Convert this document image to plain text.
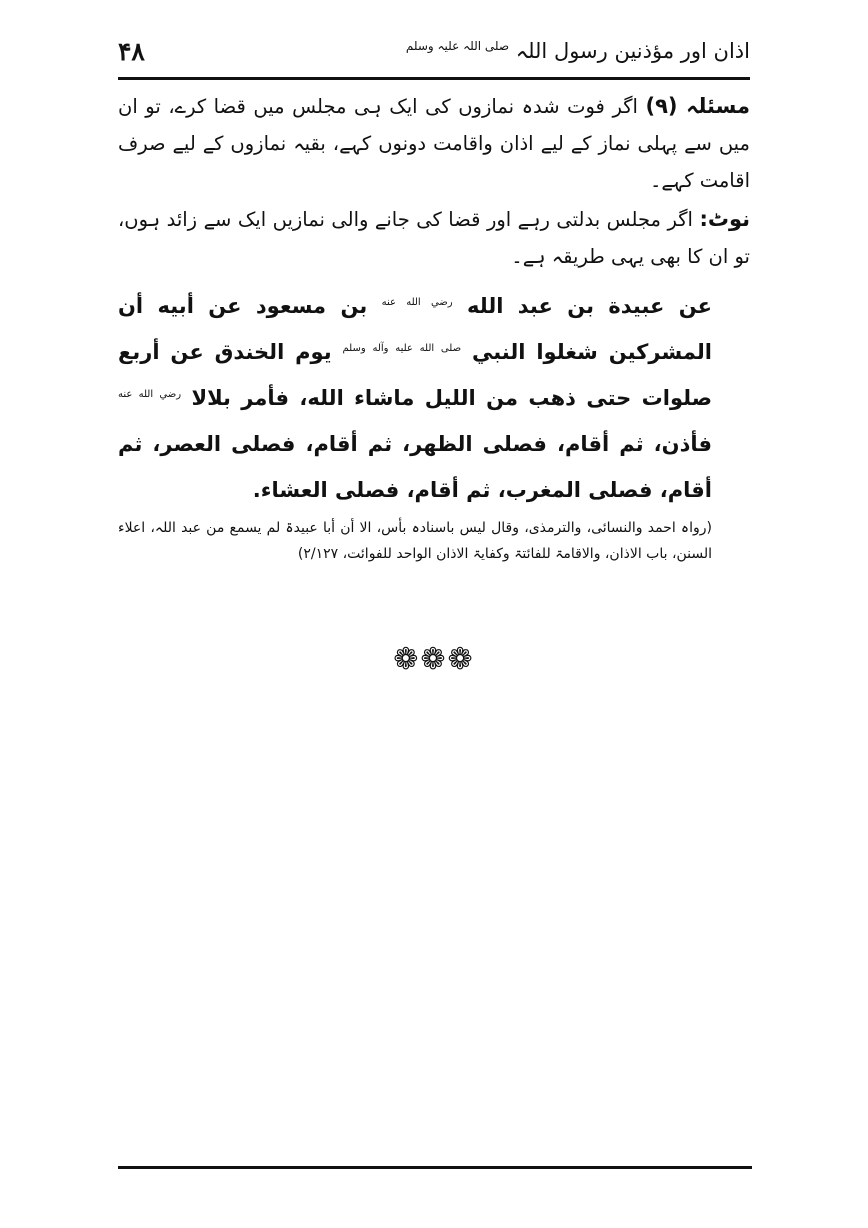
۴۸	اذان اور مؤذنین رسول اللہ $^{صلی اللہ علیہ وسلم}$

مسئلہ (۹) اگر فوت شدہ نمازوں کی ایک ہی مجلس میں قضا کرے، تو ان میں سے پہلی نماز کے لیے اذان واقامت دونوں کہے، بقیہ نمازوں کے لیے صرف اقامت کہے۔

نوٹ: اگر مجلس بدلتی رہے اور قضا کی جانے والی نمازیں ایک سے زائد ہوں، تو ان کا بھی یہی طریقہ ہے۔

عن عبيدة بن عبد الله $^{رضي الله عنه}$ بن مسعود عن أبيه أن المشركين شغلوا النبي $^{صلى الله عليه وآله وسلم}$ يوم الخندق عن أربع صلوات حتى ذهب من الليل ماشاء الله، فأمر بلالا $^{رضي الله عنه}$ فأذن، ثم أقام، فصلى الظهر، ثم أقام، فصلى العصر، ثم أقام، فصلى المغرب، ثم أقام، فصلى العشاء.

(رواہ احمد والنسائی، والترمذی، وقال لیس باسنادہ بأس، الا أن أبا عبیدۃ لم یسمع من عبد اللہ، اعلاء السنن، باب الاذان، والاقامۃ للفائتۃ وکفایۃ الاذان الواحد للفوائت، ۲/۱۲۷)

❁❁❁
